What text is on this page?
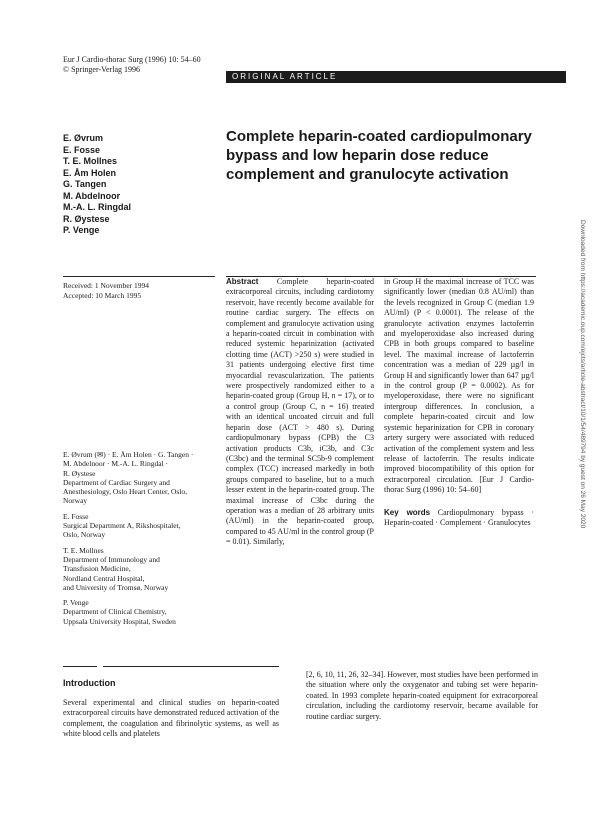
Eur J Cardio-thorac Surg (1996) 10: 54–60
© Springer-Verlag 1996
ORIGINAL ARTICLE
E. Øvrum
E. Fosse
T. E. Mollnes
E. Åm Holen
G. Tangen
M. Abdelnoor
M.-A. L. Ringdal
R. Øystese
P. Venge
Complete heparin-coated cardiopulmonary bypass and low heparin dose reduce complement and granulocyte activation
Received: 1 November 1994
Accepted: 10 March 1995
E. Øvrum (✉) · E. Åm Holen · G. Tangen ·
M. Abdelnoor · M.-A. L. Ringdal ·
R. Øystese
Department of Cardiac Surgery and
Anesthesiology, Oslo Heart Center, Oslo,
Norway
E. Fosse
Surgical Department A, Rikshospitalet,
Oslo, Norway
T. E. Mollnes
Department of Immunology and
Transfusion Medicine,
Nordland Central Hospital,
and University of Tromsø, Norway
P. Venge
Department of Clinical Chemistry,
Uppsala University Hospital, Sweden
Abstract Complete heparin-coated extracorporeal circuits, including cardiotomy reservoir, have recently become available for routine cardiac surgery. The effects on complement and granulocyte activation using a heparin-coated circuit in combination with reduced systemic heparinization (activated clotting time (ACT) >250 s) were studied in 31 patients undergoing elective first time myocardial revascularization. The patients were prospectively randomized either to a heparin-coated group (Group H, n = 17), or to a control group (Group C, n = 16) treated with an identical uncoated circuit and full heparin dose (ACT > 480 s). During cardiopulmonary bypass (CPB) the C3 activation products C3b, iC3b, and C3c (C3bc) and the terminal SC5b-9 complement complex (TCC) increased markedly in both groups compared to baseline, but to a much lesser extent in the heparin-coated group. The maximal increase of C3bc during the operation was a median of 28 arbitrary units (AU/ml) in the heparin-coated group, compared to 45 AU/ml in the control group (P = 0.01). Similarly,
in Group H the maximal increase of TCC was significantly lower (median 0.8 AU/ml) than the levels recognized in Group C (median 1.9 AU/ml) (P < 0.0001). The release of the granulocyte activation enzymes lactoferrin and myeloperoxidase also increased during CPB in both groups compared to baseline level. The maximal increase of lactoferrin concentration was a median of 229 µg/l in Group H and significantly lower than 647 µg/l in the control group (P = 0.0002). As for myeloperoxidase, there were no significant intergroup differences. In conclusion, a complete heparin-coated circuit and low systemic heparinization for CPB in coronary artery surgery were associated with reduced activation of the complement system and less release of lactoferrin. The results indicate improved biocompatibility of this option for extracorporeal circulation. [Eur J Cardio-thorac Surg (1996) 10: 54–60]
Key words Cardiopulmonary bypass · Heparin-coated · Complement · Granulocytes
Introduction
Several experimental and clinical studies on heparin-coated extracorporeal circuits have demonstrated reduced activation of the complement, the coagulation and fibrinolytic systems, as well as white blood cells and platelets
[2, 6, 10, 11, 26, 32–34]. However, most studies have been performed in the situation where only the oxygenator and tubing set were heparin-coated. In 1993 complete heparin-coated equipment for extracorporeal circulation, including the cardiotomy reservoir, became available for routine cardiac surgery.
Downloaded from https://academic.oup.com/ejcts/article-abstract/10/1/54/489794 by guest on 26 May 2020
